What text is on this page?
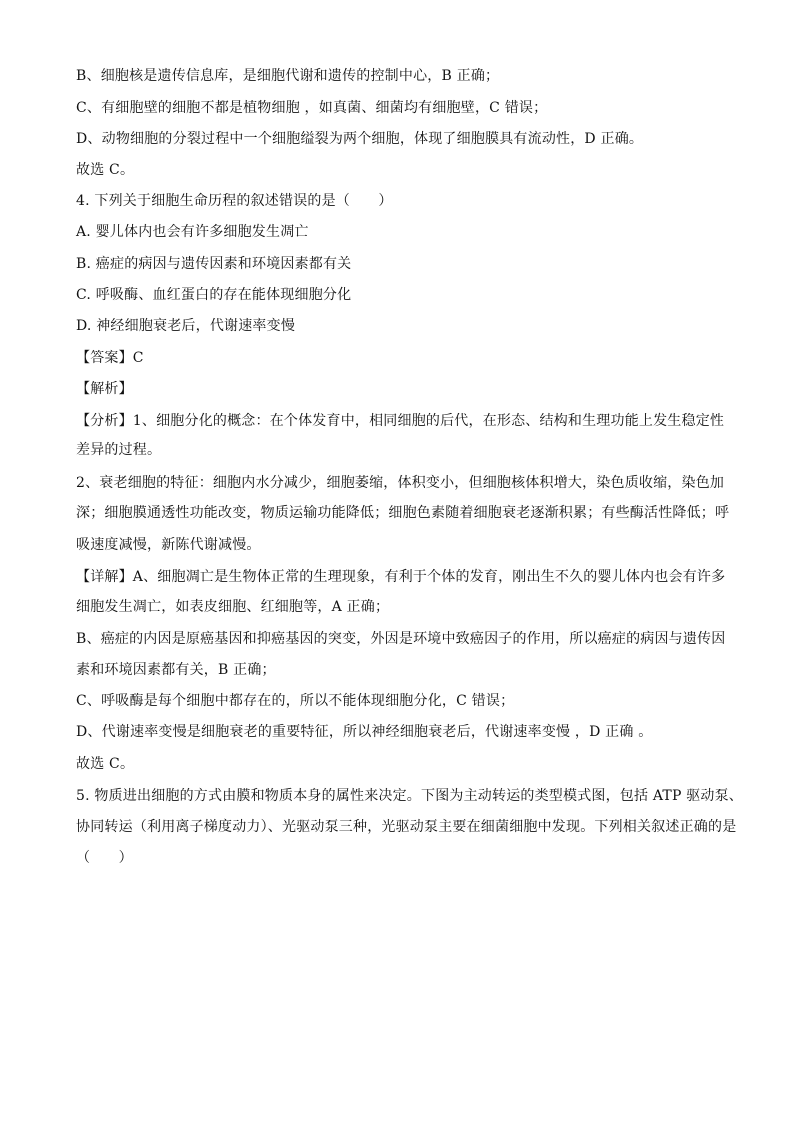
B、细胞核是遗传信息库，是细胞代谢和遗传的控制中心，B 正确；
C、有细胞壁的细胞不都是植物细胞 ，如真菌、细菌均有细胞壁，C 错误；
D、动物细胞的分裂过程中一个细胞缢裂为两个细胞，体现了细胞膜具有流动性，D 正确。
故选 C。
4. 下列关于细胞生命历程的叙述错误的是（　　）
A. 婴儿体内也会有许多细胞发生凋亡
B. 癌症的病因与遗传因素和环境因素都有关
C. 呼吸酶、血红蛋白的存在能体现细胞分化
D. 神经细胞衰老后，代谢速率变慢
【答案】C
【解析】
【分析】1、细胞分化的概念：在个体发育中，相同细胞的后代，在形态、结构和生理功能上发生稳定性
差异的过程。
2、衰老细胞的特征：细胞内水分减少，细胞萎缩，体积变小，但细胞核体积增大，染色质收缩，染色加
深；细胞膜通透性功能改变，物质运输功能降低；细胞色素随着细胞衰老逐渐积累；有些酶活性降低；呼
吸速度减慢，新陈代谢减慢。
【详解】A、细胞凋亡是生物体正常的生理现象，有利于个体的发育，刚出生不久的婴儿体内也会有许多
细胞发生凋亡，如表皮细胞、红细胞等，A 正确；
B、癌症的内因是原癌基因和抑癌基因的突变，外因是环境中致癌因子的作用，所以癌症的病因与遗传因
素和环境因素都有关，B 正确；
C、呼吸酶是每个细胞中都存在的，所以不能体现细胞分化，C 错误；
D、代谢速率变慢是细胞衰老的重要特征，所以神经细胞衰老后，代谢速率变慢 ，D 正确 。
故选 C。
5. 物质进出细胞的方式由膜和物质本身的属性来决定。下图为主动转运的类型模式图，包括 ATP 驱动泵、
协同转运（利用离子梯度动力）、光驱动泵三种，光驱动泵主要在细菌细胞中发现。下列相关叙述正确的是
（　　）
